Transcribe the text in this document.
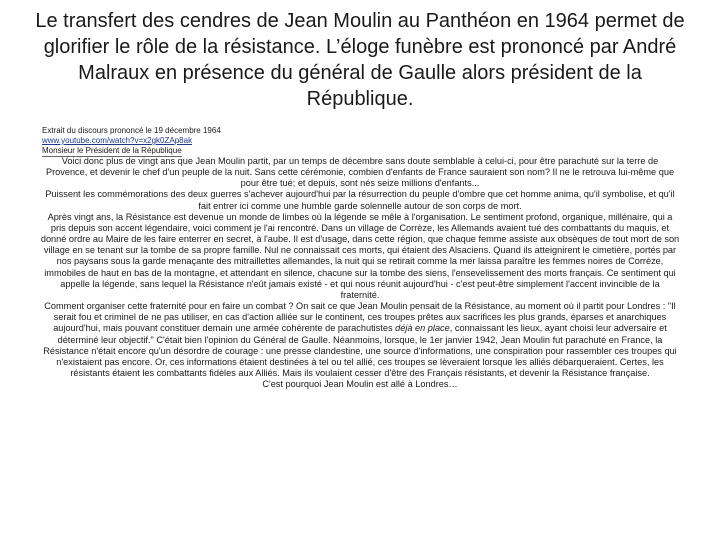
Le transfert des cendres de Jean Moulin au Panthéon en 1964 permet de glorifier le rôle de la résistance. L’éloge funèbre est prononcé par André Malraux en présence du général de Gaulle alors président de la République.
Extrait du discours prononcé le 19 décembre 1964
www.youtube.com/watch?v=x2gk0ZAp8ak
Monsieur le Président de la République

Voici donc plus de vingt ans que Jean Moulin partit, par un temps de décembre sans doute semblable à celui-ci, pour être parachuté sur la terre de Provence, et devenir le chef d'un peuple de la nuit. Sans cette cérémonie, combien d'enfants de France sauraient son nom? Il ne le retrouva lui-même que pour être tué; et depuis, sont nés seize millions d'enfants...

Puissent les commémorations des deux guerres s'achever aujourd'hui par la résurrection du peuple d'ombre que cet homme anima, qu'il symbolise, et qu'il fait entrer ici comme une humble garde solennelle autour de son corps de mort.

Après vingt ans, la Résistance est devenue un monde de limbes où la légende se mêle à l'organisation. Le sentiment profond, organique, millénaire, qui a pris depuis son accent légendaire, voici comment je l'ai rencontré. Dans un village de Corrèze, les Allemands avaient tué des combattants du maquis, et donné ordre au Maire de les faire enterrer en secret, à l'aube. Il est d'usage, dans cette région, que chaque femme assiste aux obsèques de tout mort de son village en se tenant sur la tombe de sa propre famille. Nul ne connaissait ces morts, qui étaient des Alsaciens. Quand ils atteignirent le cimetière, portés par nos paysans sous la garde menaçante des mitraillettes allemandes, la nuit qui se retirait comme la mer laissa paraître les femmes noires de Corrèze, immobiles de haut en bas de la montagne, et attendant en silence, chacune sur la tombe des siens, l'ensevelissement des morts français. Ce sentiment qui appelle la légende, sans lequel la Résistance n'eût jamais existé - et qui nous réunit aujourd'hui - c'est peut-être simplement l'accent invincible de la fraternité.

Comment organiser cette fraternité pour en faire un combat ? On sait ce que Jean Moulin pensait de la Résistance, au moment où il partit pour Londres : "Il serait fou et criminel de ne pas utiliser, en cas d'action alliée sur le continent, ces troupes prêtes aux sacrifices les plus grands, éparses et anarchiques aujourd'hui, mais pouvant constituer demain une armée cohérente de parachutistes déjà en place, connaissant les lieux, ayant choisi leur adversaire et déterminé leur objectif." C'était bien l'opinion du Général de Gaulle. Néanmoins, lorsque, le 1er janvier 1942, Jean Moulin fut parachuté en France, la Résistance n'était encore qu'un désordre de courage : une presse clandestine, une source d'informations, une conspiration pour rassembler ces troupes qui n'existaient pas encore. Or, ces informations étaient destinées à tel ou tel allié, ces troupes se lèveraient lorsque les alliés débarqueraient. Certes, les résistants étaient les combattants fidèles aux Alliés. Mais ils voulaient cesser d'être des Français résistants, et devenir la Résistance française.

C'est pourquoi Jean Moulin est allé à Londres…
